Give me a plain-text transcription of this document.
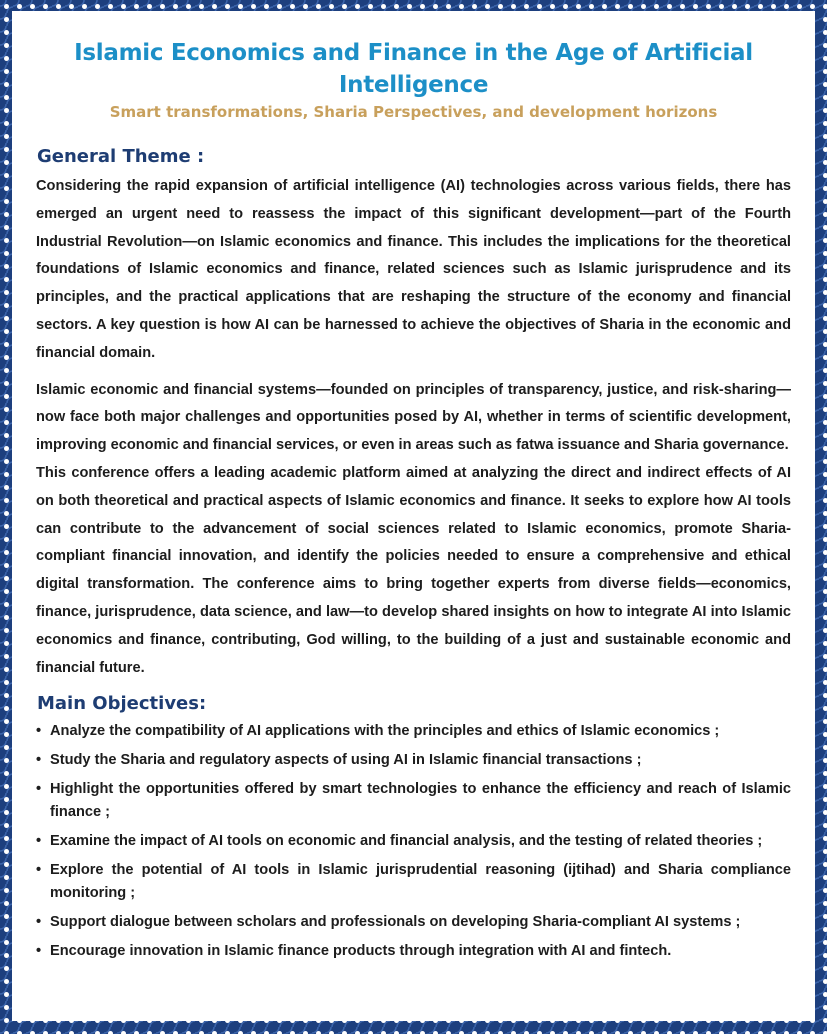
Islamic Economics and Finance in the Age of Artificial Intelligence
Smart transformations, Sharia Perspectives, and development horizons
General Theme :

Considering the rapid expansion of artificial intelligence (AI) technologies across various fields, there has emerged an urgent need to reassess the impact of this significant development—part of the Fourth Industrial Revolution—on Islamic economics and finance. This includes the implications for the theoretical foundations of Islamic economics and finance, related sciences such as Islamic jurisprudence and its principles, and the practical applications that are reshaping the structure of the economy and financial sectors. A key question is how AI can be harnessed to achieve the objectives of Sharia in the economic and financial domain.

Islamic economic and financial systems—founded on principles of transparency, justice, and risk-sharing—now face both major challenges and opportunities posed by AI, whether in terms of scientific development, improving economic and financial services, or even in areas such as fatwa issuance and Sharia governance.

This conference offers a leading academic platform aimed at analyzing the direct and indirect effects of AI on both theoretical and practical aspects of Islamic economics and finance. It seeks to explore how AI tools can contribute to the advancement of social sciences related to Islamic economics, promote Sharia-compliant financial innovation, and identify the policies needed to ensure a comprehensive and ethical digital transformation. The conference aims to bring together experts from diverse fields—economics, finance, jurisprudence, data science, and law—to develop shared insights on how to integrate AI into Islamic economics and finance, contributing, God willing, to the building of a just and sustainable economic and financial future.

Main Objectives:
• Analyze the compatibility of AI applications with the principles and ethics of Islamic economics ;
• Study the Sharia and regulatory aspects of using AI in Islamic financial transactions ;
• Highlight the opportunities offered by smart technologies to enhance the efficiency and reach of Islamic finance ;
• Examine the impact of AI tools on economic and financial analysis, and the testing of related theories ;
• Explore the potential of AI tools in Islamic jurisprudential reasoning (ijtihad) and Sharia compliance monitoring ;
• Support dialogue between scholars and professionals on developing Sharia-compliant AI systems ;
• Encourage innovation in Islamic finance products through integration with AI and fintech.
